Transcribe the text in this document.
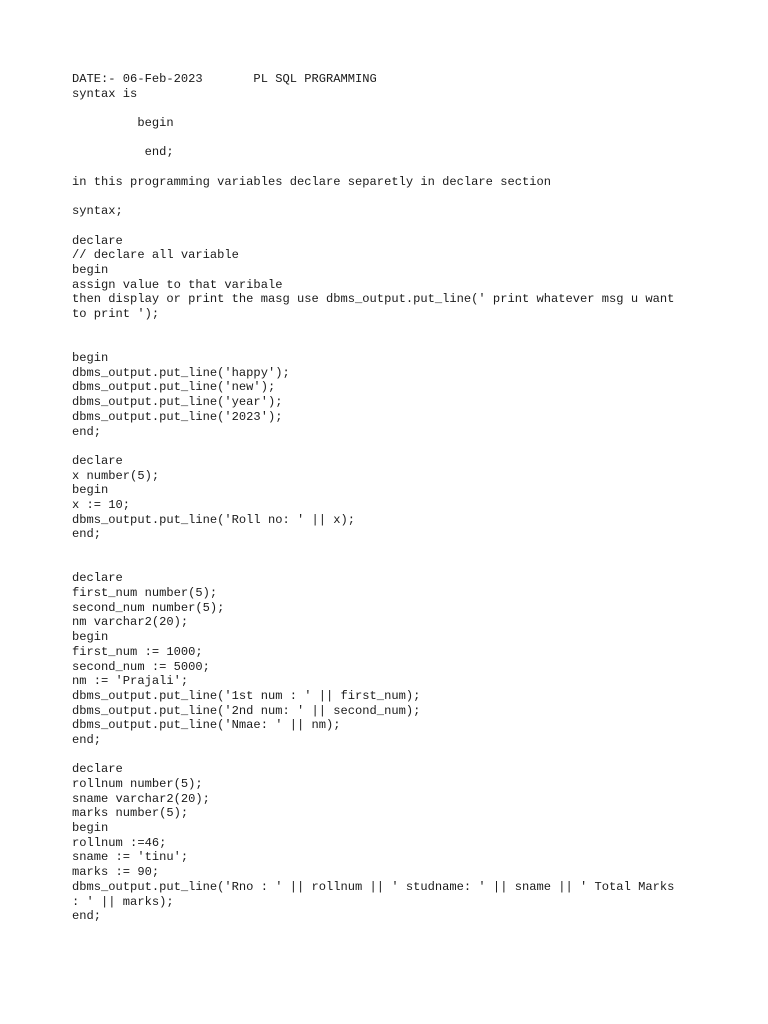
DATE:- 06-Feb-2023       PL SQL PRGRAMMING
syntax is
begin
end;
in this programming variables declare separetly in declare section
syntax;
declare
// declare all variable
begin
assign value to that varibale
then display or print the masg use dbms_output.put_line(' print whatever msg u want
to print ');
begin
dbms_output.put_line('happy');
dbms_output.put_line('new');
dbms_output.put_line('year');
dbms_output.put_line('2023');
end;
declare
x number(5);
begin
x := 10;
dbms_output.put_line('Roll no: ' || x);
end;
declare
first_num number(5);
second_num number(5);
nm varchar2(20);
begin
first_num := 1000;
second_num := 5000;
nm := 'Prajali';
dbms_output.put_line('1st num : ' || first_num);
dbms_output.put_line('2nd num: ' || second_num);
dbms_output.put_line('Nmae: ' || nm);
end;
declare
rollnum number(5);
sname varchar2(20);
marks number(5);
begin
rollnum :=46;
sname := 'tinu';
marks := 90;
dbms_output.put_line('Rno : ' || rollnum || ' studname: ' || sname || ' Total Marks
: ' || marks);
end;
